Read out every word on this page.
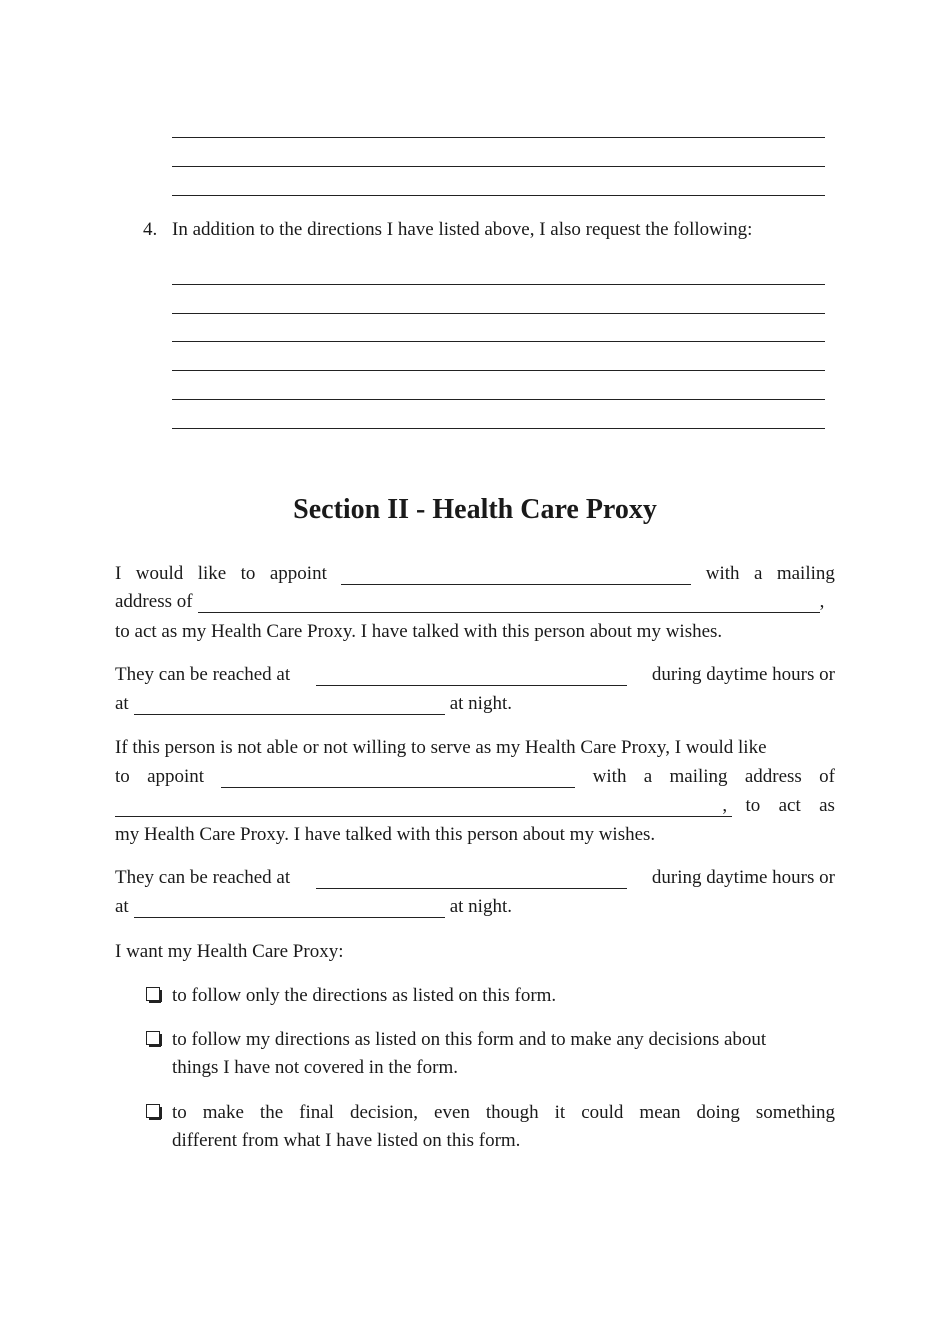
4. In addition to the directions I have listed above, I also request the following:
Section II - Health Care Proxy
I would like to appoint	with a mailing
address of	,
to act as my Health Care Proxy. I have talked with this person about my wishes.
They can be reached at	during daytime hours or
at	at night.
If this person is not able or not willing to serve as my Health Care Proxy, I would like
to appoint	with a mailing address of
, to act as
my Health Care Proxy. I have talked with this person about my wishes.
They can be reached at	during daytime hours or
at	at night.
I want my Health Care Proxy:
to follow only the directions as listed on this form.
to follow my directions as listed on this form and to make any decisions about
things I have not covered in the form.
to make the final decision, even though it could mean doing something
different from what I have listed on this form.
